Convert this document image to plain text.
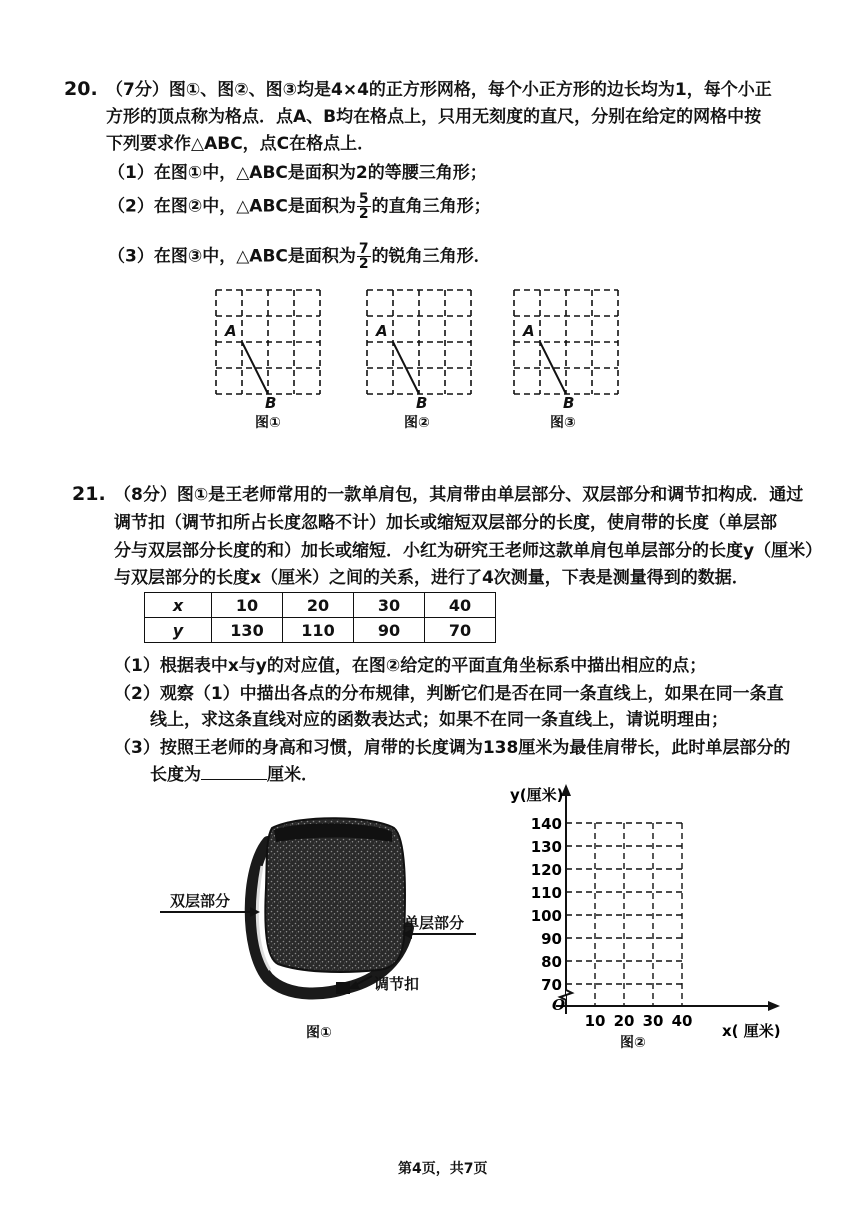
20. （7分）图①、图②、图③均是4×4的正方形网格，每个小正方形的边长均为1，每个小正
方形的顶点称为格点．点A、B均在格点上，只用无刻度的直尺，分别在给定的网格中按
下列要求作△ABC，点C在格点上．
（1）在图①中，△ABC是面积为2的等腰三角形；
（2）在图②中，△ABC是面积为 $\frac{5}{2}$ 的直角三角形；
（3）在图③中，△ABC是面积为 $\frac{7}{2}$ 的锐角三角形．
A
B
图①
A
B
图②
A
B
图③
21. （8分）图①是王老师常用的一款单肩包，其肩带由单层部分、双层部分和调节扣构成．通过
调节扣（调节扣所占长度忽略不计）加长或缩短双层部分的长度，使肩带的长度（单层部
分与双层部分长度的和）加长或缩短．小红为研究王老师这款单肩包单层部分的长度y（厘米）
与双层部分的长度x（厘米）之间的关系，进行了4次测量，下表是测量得到的数据．
x	10	20	30	40
y	130	110	90	70
（1）根据表中x与y的对应值，在图②给定的平面直角坐标系中描出相应的点；
（2）观察（1）中描出各点的分布规律，判断它们是否在同一条直线上，如果在同一条直
线上，求这条直线对应的函数表达式；如果不在同一条直线上，请说明理由；
（3）按照王老师的身高和习惯，肩带的长度调为138厘米为最佳肩带长，此时单层部分的
长度为	厘米．
双层部分
单层部分
调节扣
图①
70
80
90
100
110
120
130
140
10 20 30 40
O
y(厘米)
x( 厘米)
图②
第4页，共7页
